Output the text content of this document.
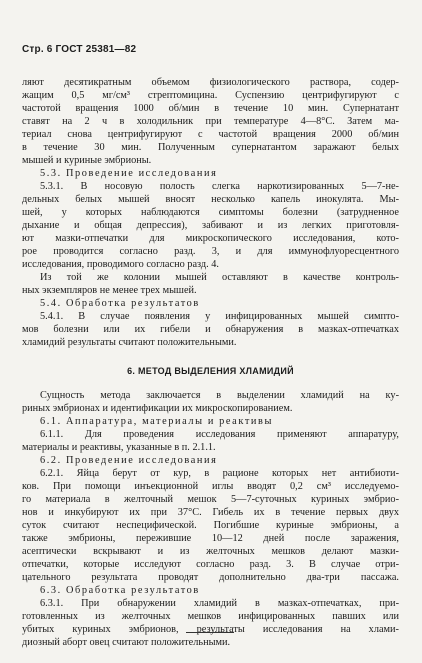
Стр. 6 ГОСТ 25381—82
ляют десятикратным объемом физиологического раствора, содер-
жащим 0,5 мг/см³ стрептомицина. Суспензию центрифугируют с
частотой вращения 1000 об/мин в течение 10 мин. Супернатант
ставят на 2 ч в холодильник при температуре 4—8°С. Затем ма-
териал снова центрифугируют с частотой вращения 2000 об/мин
в течение 30 мин. Полученным супернатантом заражают белых
мышей и куриные эмбрионы.
5.3. Проведение исследования
5.3.1. В носовую полость слегка наркотизированных 5—7-не-
дельных белых мышей вносят несколько капель инокулята. Мы-
шей, у которых наблюдаются симптомы болезни (затрудненное
дыхание и общая депрессия), забивают и из легких приготовля-
ют мазки-отпечатки для микроскопического исследования, кото-
рое проводится согласно разд. 3, и для иммунофлуоресцентного
исследования, проводимого согласно разд. 4.
Из той же колонии мышей оставляют в качестве контроль-
ных экземпляров не менее трех мышей.
5.4. Обработка результатов
5.4.1. В случае появления у инфицированных мышей симпто-
мов болезни или их гибели и обнаружения в мазках-отпечатках
хламидий результаты считают положительными.
6. МЕТОД ВЫДЕЛЕНИЯ ХЛАМИДИЙ
Сущность метода заключается в выделении хламидий на ку-
риных эмбрионах и идентификации их микроскопированием.
6.1. Аппаратура, материалы и реактивы
6.1.1. Для проведения исследования применяют аппаратуру,
материалы и реактивы, указанные в п. 2.1.1.
6.2. Проведение исследования
6.2.1. Яйца берут от кур, в рационе которых нет антибиоти-
ков. При помощи инъекционной иглы вводят 0,2 см³ исследуемо-
го материала в желточный мешок 5—7-суточных куриных эмбрио-
нов и инкубируют их при 37°С. Гибель их в течение первых двух
суток считают неспецифической. Погибшие куриные эмбрионы, а
также эмбрионы, пережившие 10—12 дней после заражения,
асептически вскрывают и из желточных мешков делают мазки-
отпечатки, которые исследуют согласно разд. 3. В случае отри-
цательного результата проводят дополнительно два-три пассажа.
6.3. Обработка результатов
6.3.1. При обнаружении хламидий в мазках-отпечатках, при-
готовленных из желточных мешков инфицированных павших или
убитых куриных эмбрионов, результаты исследования на хлами-
диозный аборт овец считают положительными.
